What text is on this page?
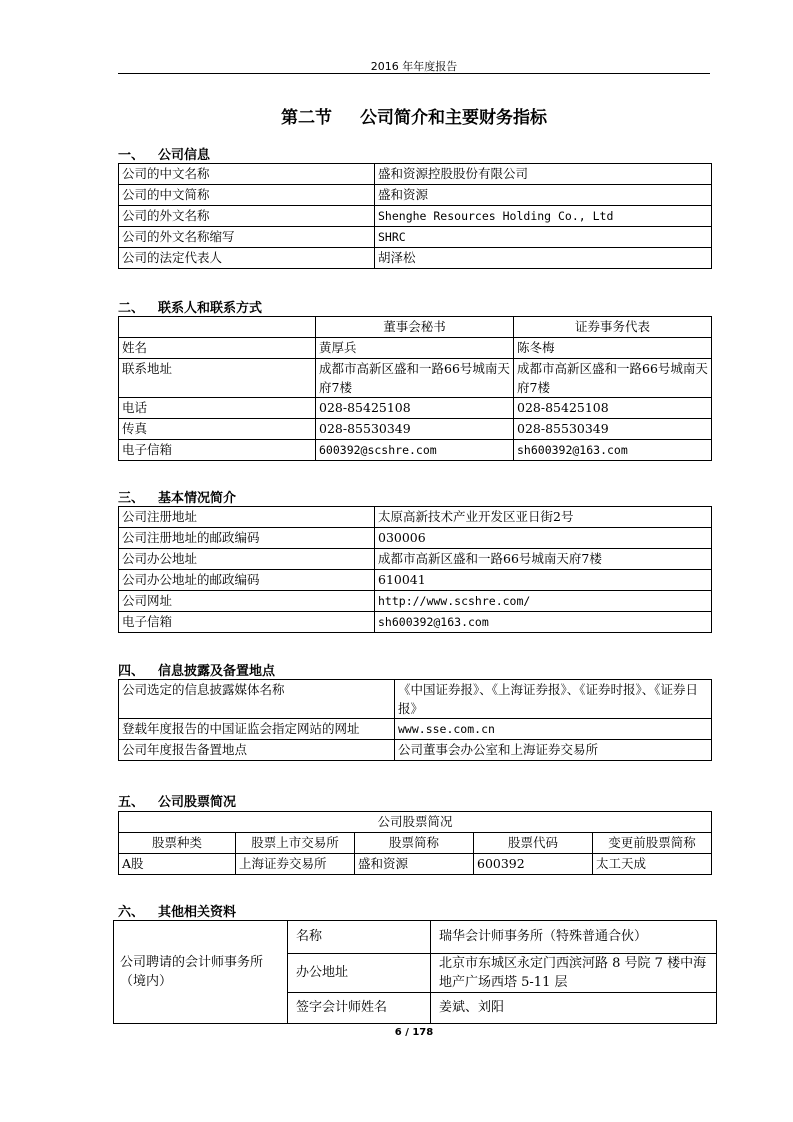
2016 年年度报告
第二节 公司简介和主要财务指标
一、 公司信息
公司的中文名称	盛和资源控股股份有限公司
公司的中文简称	盛和资源
公司的外文名称	Shenghe Resources Holding Co., Ltd
公司的外文名称缩写	SHRC
公司的法定代表人	胡泽松
二、 联系人和联系方式
	董事会秘书	证券事务代表
姓名	黄厚兵	陈冬梅
联系地址	成都市高新区盛和一路66号城南天府7楼	成都市高新区盛和一路66号城南天府7楼
电话	028-85425108	028-85425108
传真	028-85530349	028-85530349
电子信箱	600392@scshre.com	sh600392@163.com
三、 基本情况简介
公司注册地址	太原高新技术产业开发区亚日街2号
公司注册地址的邮政编码	030006
公司办公地址	成都市高新区盛和一路66号城南天府7楼
公司办公地址的邮政编码	610041
公司网址	http://www.scshre.com/
电子信箱	sh600392@163.com
四、 信息披露及备置地点
公司选定的信息披露媒体名称	《中国证券报》、《上海证券报》、《证券时报》、《证券日报》
登载年度报告的中国证监会指定网站的网址	www.sse.com.cn
公司年度报告备置地点	公司董事会办公室和上海证券交易所
五、 公司股票简况
公司股票简况				
股票种类	股票上市交易所	股票简称	股票代码	变更前股票简称
A股	上海证券交易所	盛和资源	600392	太工天成
六、 其他相关资料
公司聘请的会计师事务所（境内）	名称	瑞华会计师事务所（特殊普通合伙）
	办公地址	北京市东城区永定门西滨河路 8 号院 7 楼中海地产广场西塔 5-11 层
	签字会计师姓名	姜斌、刘阳
6 / 178
